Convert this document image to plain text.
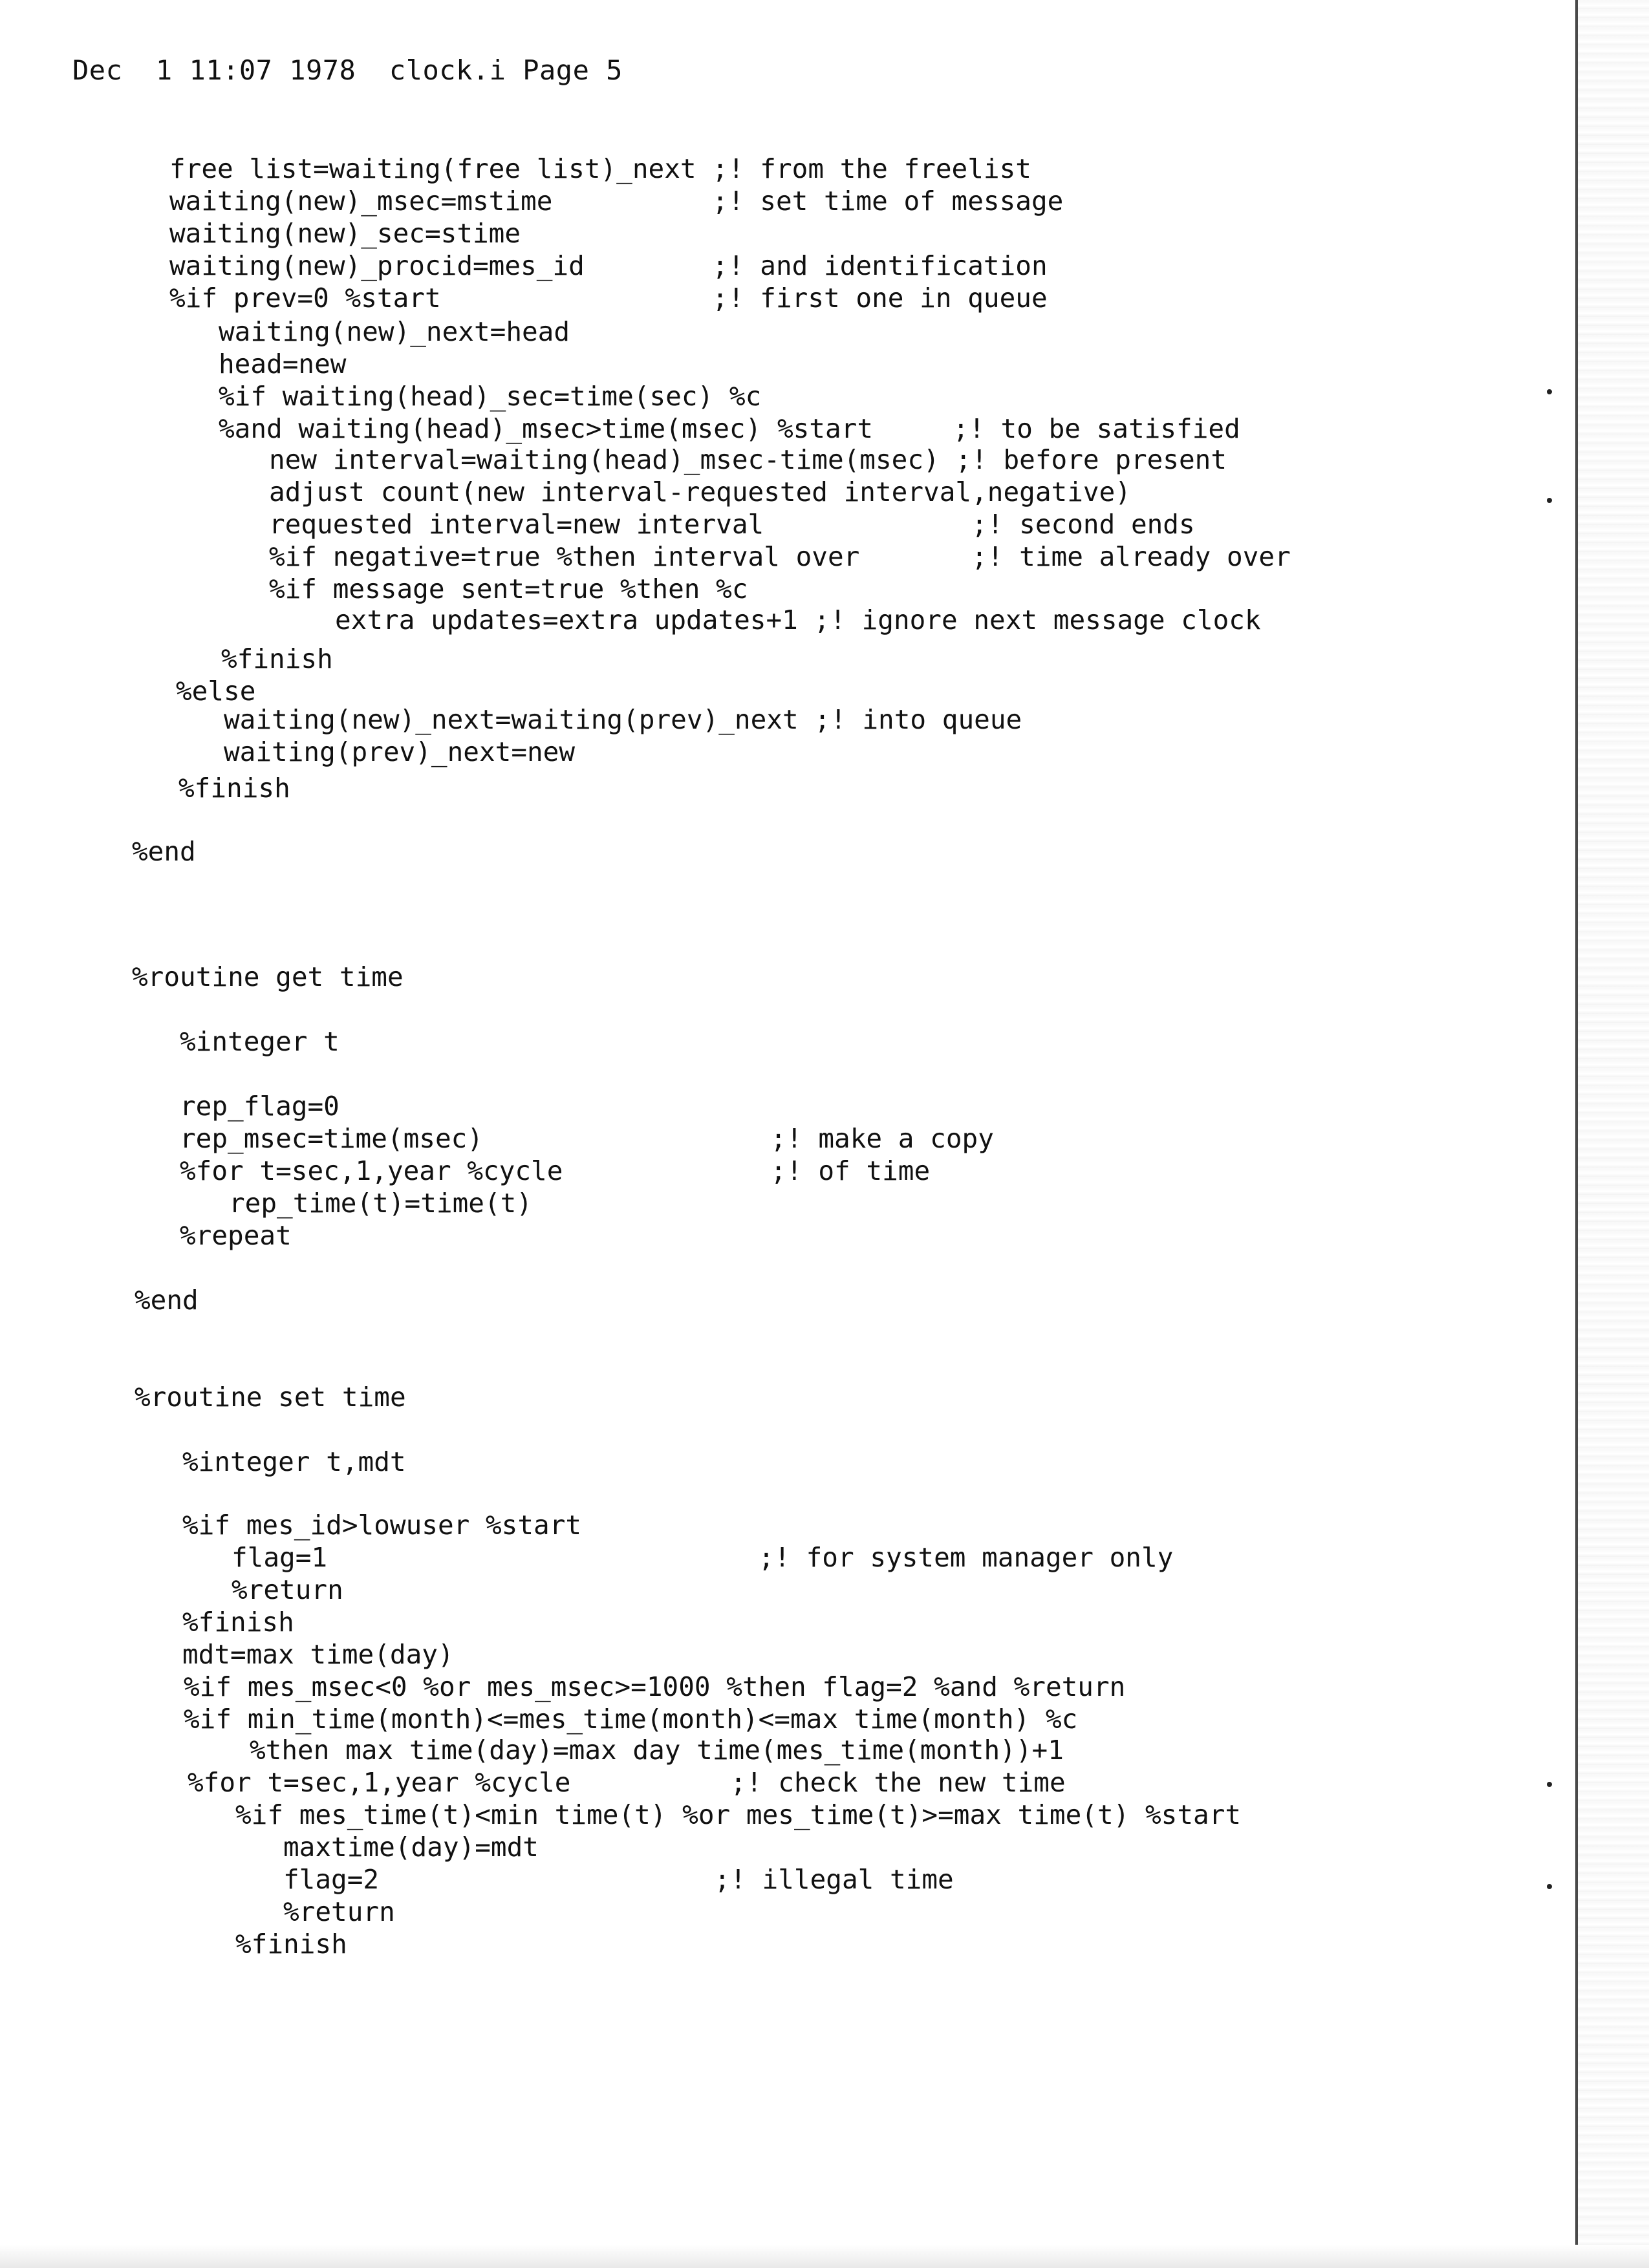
Dec  1 11:07 1978  clock.i Page 5
free list=waiting(free list)_next ;! from the freelist
waiting(new)_msec=mstime          ;! set time of message
waiting(new)_sec=stime
waiting(new)_procid=mes_id        ;! and identification
%if prev=0 %start                 ;! first one in queue
waiting(new)_next=head
head=new
%if waiting(head)_sec=time(sec) %c
%and waiting(head)_msec>time(msec) %start     ;! to be satisfied
new interval=waiting(head)_msec-time(msec) ;! before present
adjust count(new interval-requested interval,negative)
requested interval=new interval             ;! second ends
%if negative=true %then interval over       ;! time already over
%if message sent=true %then %c
extra updates=extra updates+1 ;! ignore next message clock
%finish
%else
waiting(new)_next=waiting(prev)_next ;! into queue
waiting(prev)_next=new
%finish
%end
%routine get time
%integer t
rep_flag=0
rep_msec=time(msec)                  ;! make a copy
%for t=sec,1,year %cycle             ;! of time
rep_time(t)=time(t)
%repeat
%end
%routine set time
%integer t,mdt
%if mes_id>lowuser %start
flag=1                           ;! for system manager only
%return
%finish
mdt=max time(day)
%if mes_msec<0 %or mes_msec>=1000 %then flag=2 %and %return
%if min_time(month)<=mes_time(month)<=max time(month) %c
%then max time(day)=max day time(mes_time(month))+1
%for t=sec,1,year %cycle          ;! check the new time
%if mes_time(t)<min time(t) %or mes_time(t)>=max time(t) %start
maxtime(day)=mdt
flag=2                     ;! illegal time
%return
%finish
